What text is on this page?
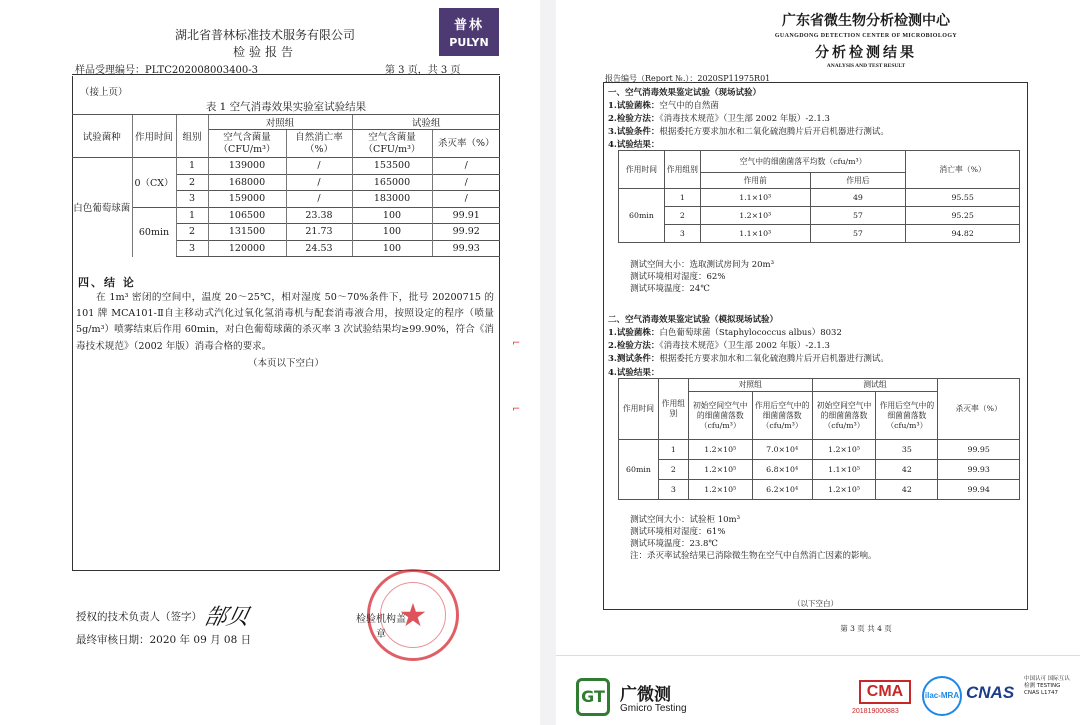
湖北省普林标准技术服务有限公司
检验报告
普林
PULYN
样品受理编号：PLTC202008003400-3	第 3 页，共 3 页
（接上页）
表 1 空气消毒效果实验室试验结果
试验菌种	作用时间	组别	对照组		试验组	
			空气含菌量（CFU/m³）	自然消亡率（%）	空气含菌量（CFU/m³）	杀灭率（%）
白色葡萄球菌	0（CX）	1	139000	/	153500	/
		2	168000	/	165000	/
		3	159000	/	183000	/
	60min	1	106500	23.38	100	99.91
		2	131500	21.73	100	99.92
		3	120000	24.53	100	99.93
四、结 论
在 1m³ 密闭的空间中，温度 20～25℃，相对湿度 50～70%条件下，批号 20200715 的 101 牌 MCA101-Ⅱ自主移动式汽化过氧化氢消毒机与配套消毒液合用，按照设定的程序（喷量 5g/m³）喷雾结束后作用 60min，对白色葡萄球菌的杀灭率 3 次试验结果均≥99.90%，符合《消毒技术规范》（2002 年版）消毒合格的要求。
（本页以下空白）
授权的技术负责人（签字） 郜贝
最终审核日期：2020 年 09 月 08 日
★
检验机构盖章
⌐
⌐
广东省微生物分析检测中心
GUANGDONG DETECTION CENTER OF MICROBIOLOGY
分析检测结果
ANALYSIS AND TEST RESULT
报告编号（Report №.）：2020SP11975R01
一、空气消毒效果鉴定试验（现场试验）
1.试验菌株：空气中的自然菌
2.检验方法：《消毒技术规范》（卫生部 2002 年版）-2.1.3
3.试验条件：根据委托方要求加水和二氧化硫泡腾片后开启机器进行测试。
4.试验结果：
作用时间	作用组别	空气中的细菌菌落平均数（cfu/m³）		消亡率（%）
		作用前	作用后	
60min	1	1.1×10³	49	95.55
	2	1.2×10³	57	95.25
	3	1.1×10³	57	94.82
测试空间大小：选取测试房间为 20m³
测试环境相对湿度：62%
测试环境温度：24℃
二、空气消毒效果鉴定试验（模拟现场试验）
1.试验菌株：白色葡萄球菌（Staphylococcus albus）8032
2.检验方法：《消毒技术规范》（卫生部 2002 年版）-2.1.3
3.测试条件：根据委托方要求加水和二氧化硫泡腾片后开启机器进行测试。
4.试验结果：
作用时间	作用组别	对照组		测试组		杀灭率（%）
		初始空间空气中的细菌菌落数（cfu/m³）	作用后空气中的细菌菌落数（cfu/m³）	初始空间空气中的细菌菌落数（cfu/m³）	作用后空气中的细菌菌落数（cfu/m³）	
60min	1	1.2×10⁵	7.0×10⁴	1.2×10⁵	35	99.95
	2	1.2×10⁵	6.8×10⁴	1.1×10⁵	42	99.93
	3	1.2×10⁵	6.2×10⁴	1.2×10⁵	42	99.94
测试空间大小：试验柜 10m³
测试环境相对湿度：61%
测试环境温度：23.8℃
注：杀灭率试验结果已消除微生物在空气中自然消亡因素的影响。
（以下空白）
第 3 页 共 4 页
GT 广微测
Gmicro Testing
CMA
201819000883
ilac-MRA CNAS
中国认可 国际互认 检测 TESTING CNAS L1747
